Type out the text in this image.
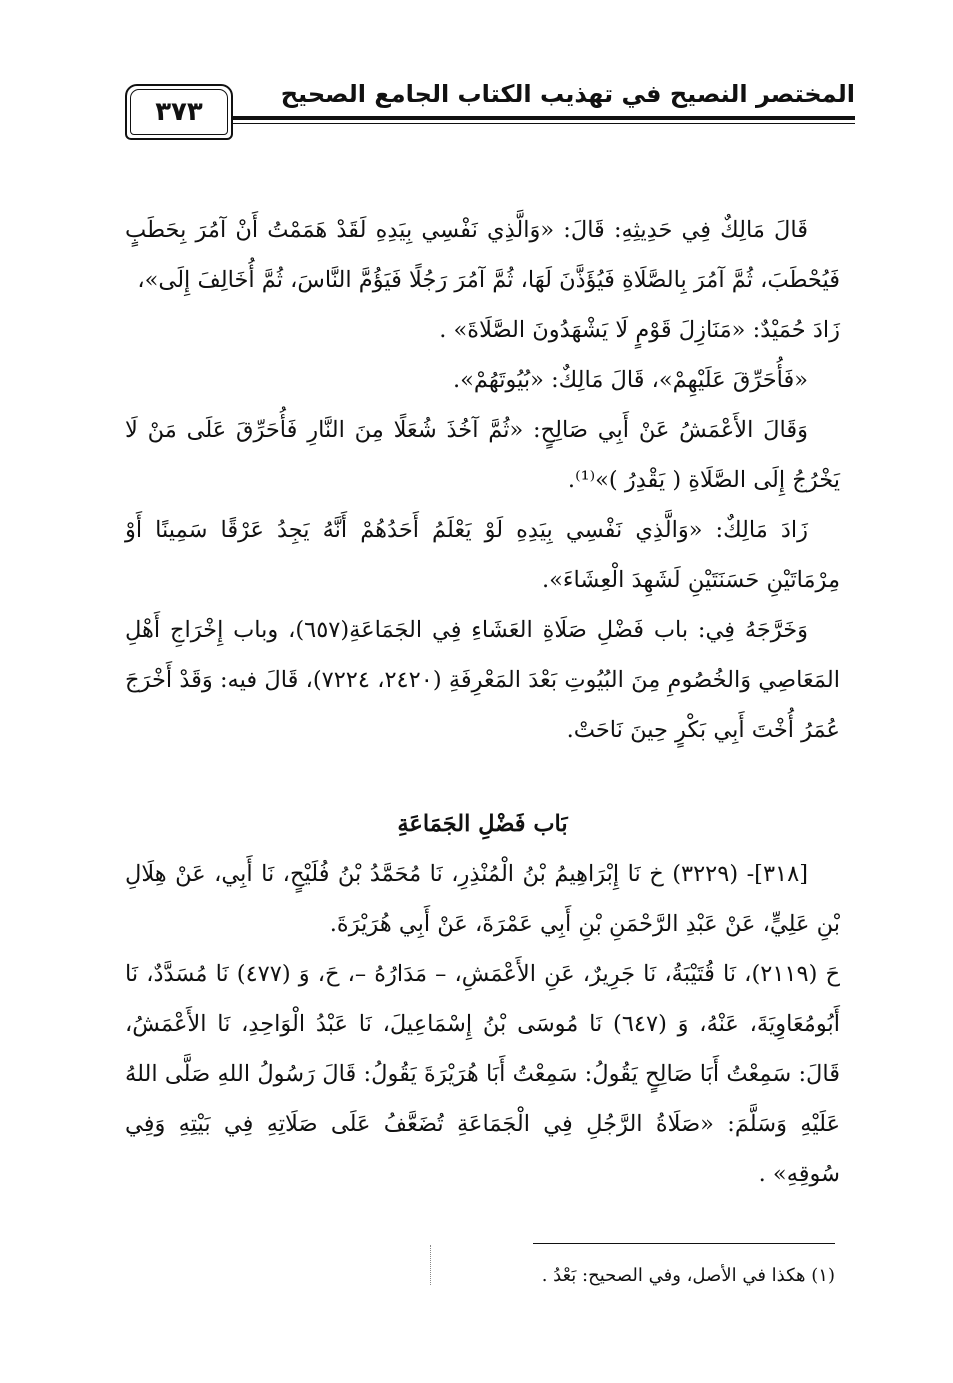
المختصر النصيح في تهذيب الكتاب الجامع الصحيح
٣٧٣

قَالَ مَالِكٌ فِي حَدِيثِهِ: قَالَ: «وَالَّذِي نَفْسِي بِيَدِهِ لَقَدْ هَمَمْتُ أَنْ آمُرَ بِحَطَبٍ فَيُحْطَبَ، ثُمَّ آمُرَ بِالصَّلَاةِ فَيُؤَذَّنَ لَهَا، ثُمَّ آمُرَ رَجُلًا فَيَؤُمَّ النَّاسَ، ثُمَّ أُخَالِفَ إِلَى»،

زَادَ حُمَيْدٌ: «مَنَازِلَ قَوْمٍ لَا يَشْهَدُونَ الصَّلَاةَ» .

«فَأُحَرِّقَ عَلَيْهِمْ»، قَالَ مَالِكٌ: «بُيُوتَهُمْ».

وَقَالَ الأَعْمَشُ عَنْ أَبِي صَالِحٍ: «ثُمَّ آخُذَ شُعَلًا مِنَ النَّارِ فَأُحَرِّقَ عَلَى مَنْ لَا يَخْرُجُ إِلَى الصَّلَاةِ ( يَقْدِرُ )»⁽¹⁾.

زَادَ مَالِكٌ: «وَالَّذِي نَفْسِي بِيَدِهِ لَوْ يَعْلَمُ أَحَدُهُمْ أَنَّهُ يَجِدُ عَرْقًا سَمِينًا أَوْ مِرْمَاتَيْنِ حَسَنَتَيْنِ لَشَهِدَ الْعِشَاءَ».

وَخَرَّجَهُ فِي: باب فَضْلِ صَلَاةِ العَشَاءِ فِي الجَمَاعَةِ(٦٥٧)، وباب إِخْرَاجِ أَهْلِ المَعَاصِي وَالخُصُومِ مِنَ البُيُوتِ بَعْدَ المَعْرِفَةِ (٢٤٢٠، ٧٢٢٤)، قَالَ فيه: وَقَدْ أَخْرَجَ عُمَرُ أُخْتَ أَبِي بَكْرٍ حِينَ نَاحَتْ.

بَاب فَضْلِ الجَمَاعَةِ

[٣١٨]- (٣٢٢٩) خ نَا إِبْرَاهِيمُ بْنُ الْمُنْذِرِ، نَا مُحَمَّدُ بْنُ فُلَيْحٍ، نَا أَبِي، عَنْ هِلَالِ بْنِ عَلِيٍّ، عَنْ عَبْدِ الرَّحْمَنِ بْنِ أَبِي عَمْرَةَ، عَنْ أَبِي هُرَيْرَةَ.

حَ (٢١١٩)، نَا قُتَيْبَةُ، نَا جَرِيرٌ، عَنِ الأَعْمَشِ، – مَدَارُهُ –، حَ، وَ (٤٧٧) نَا مُسَدَّدٌ، نَا أَبُومُعَاوِيَةَ، عَنْهُ، وَ (٦٤٧) نَا مُوسَى بْنُ إِسْمَاعِيلَ، نَا عَبْدُ الْوَاحِدِ، نَا الأَعْمَشُ، قَالَ: سَمِعْتُ أَبَا صَالِحٍ يَقُولُ: سَمِعْتُ أَبَا هُرَيْرَةَ يَقُولُ: قَالَ رَسُولُ اللهِ صَلَّى اللهُ عَلَيْهِ وَسَلَّمَ: «صَلَاةُ الرَّجُلِ فِي الْجَمَاعَةِ تُضَعَّفُ عَلَى صَلَاتِهِ فِي بَيْتِهِ وَفِي سُوقِهِ» .

(١) هكذا في الأصل، وفي الصحيح: بَعْدُ .
